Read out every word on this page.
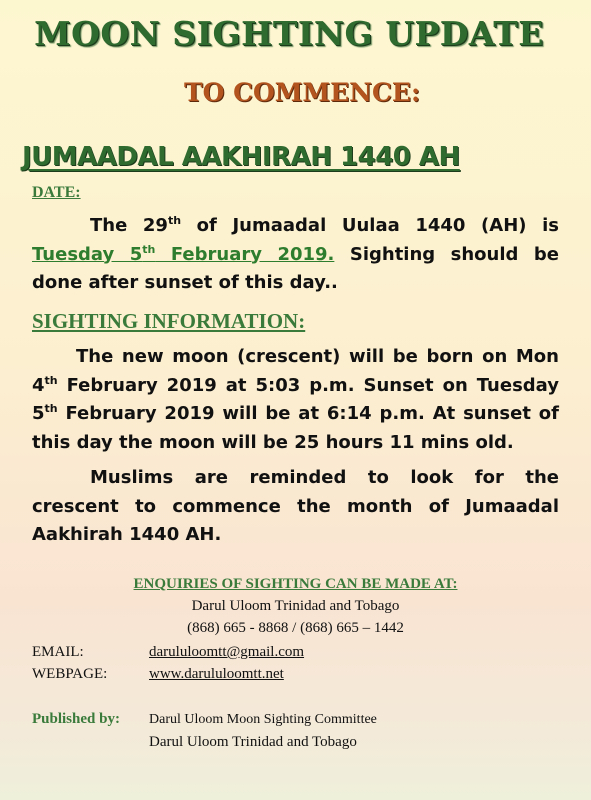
MOON SIGHTING UPDATE
TO COMMENCE:
JUMAADAL AAKHIRAH 1440 AH
DATE:
The 29th of Jumaadal Uulaa 1440 (AH) is Tuesday 5th February 2019. Sighting should be done after sunset of this day..
SIGHTING INFORMATION:
The new moon (crescent) will be born on Mon 4th February 2019 at 5:03 p.m. Sunset on Tuesday 5th February 2019 will be at 6:14 p.m. At sunset of this day the moon will be 25 hours 11 mins old.
Muslims are reminded to look for the crescent to commence the month of Jumaadal Aakhirah 1440 AH.
ENQUIRIES OF SIGHTING CAN BE MADE AT:
Darul Uloom Trinidad and Tobago
(868) 665 - 8868 / (868) 665 – 1442
EMAIL:	darululoomtt@gmail.com
WEBPAGE:	www.darululoomtt.net
Published by: Darul Uloom Moon Sighting Committee
Darul Uloom Trinidad and Tobago
